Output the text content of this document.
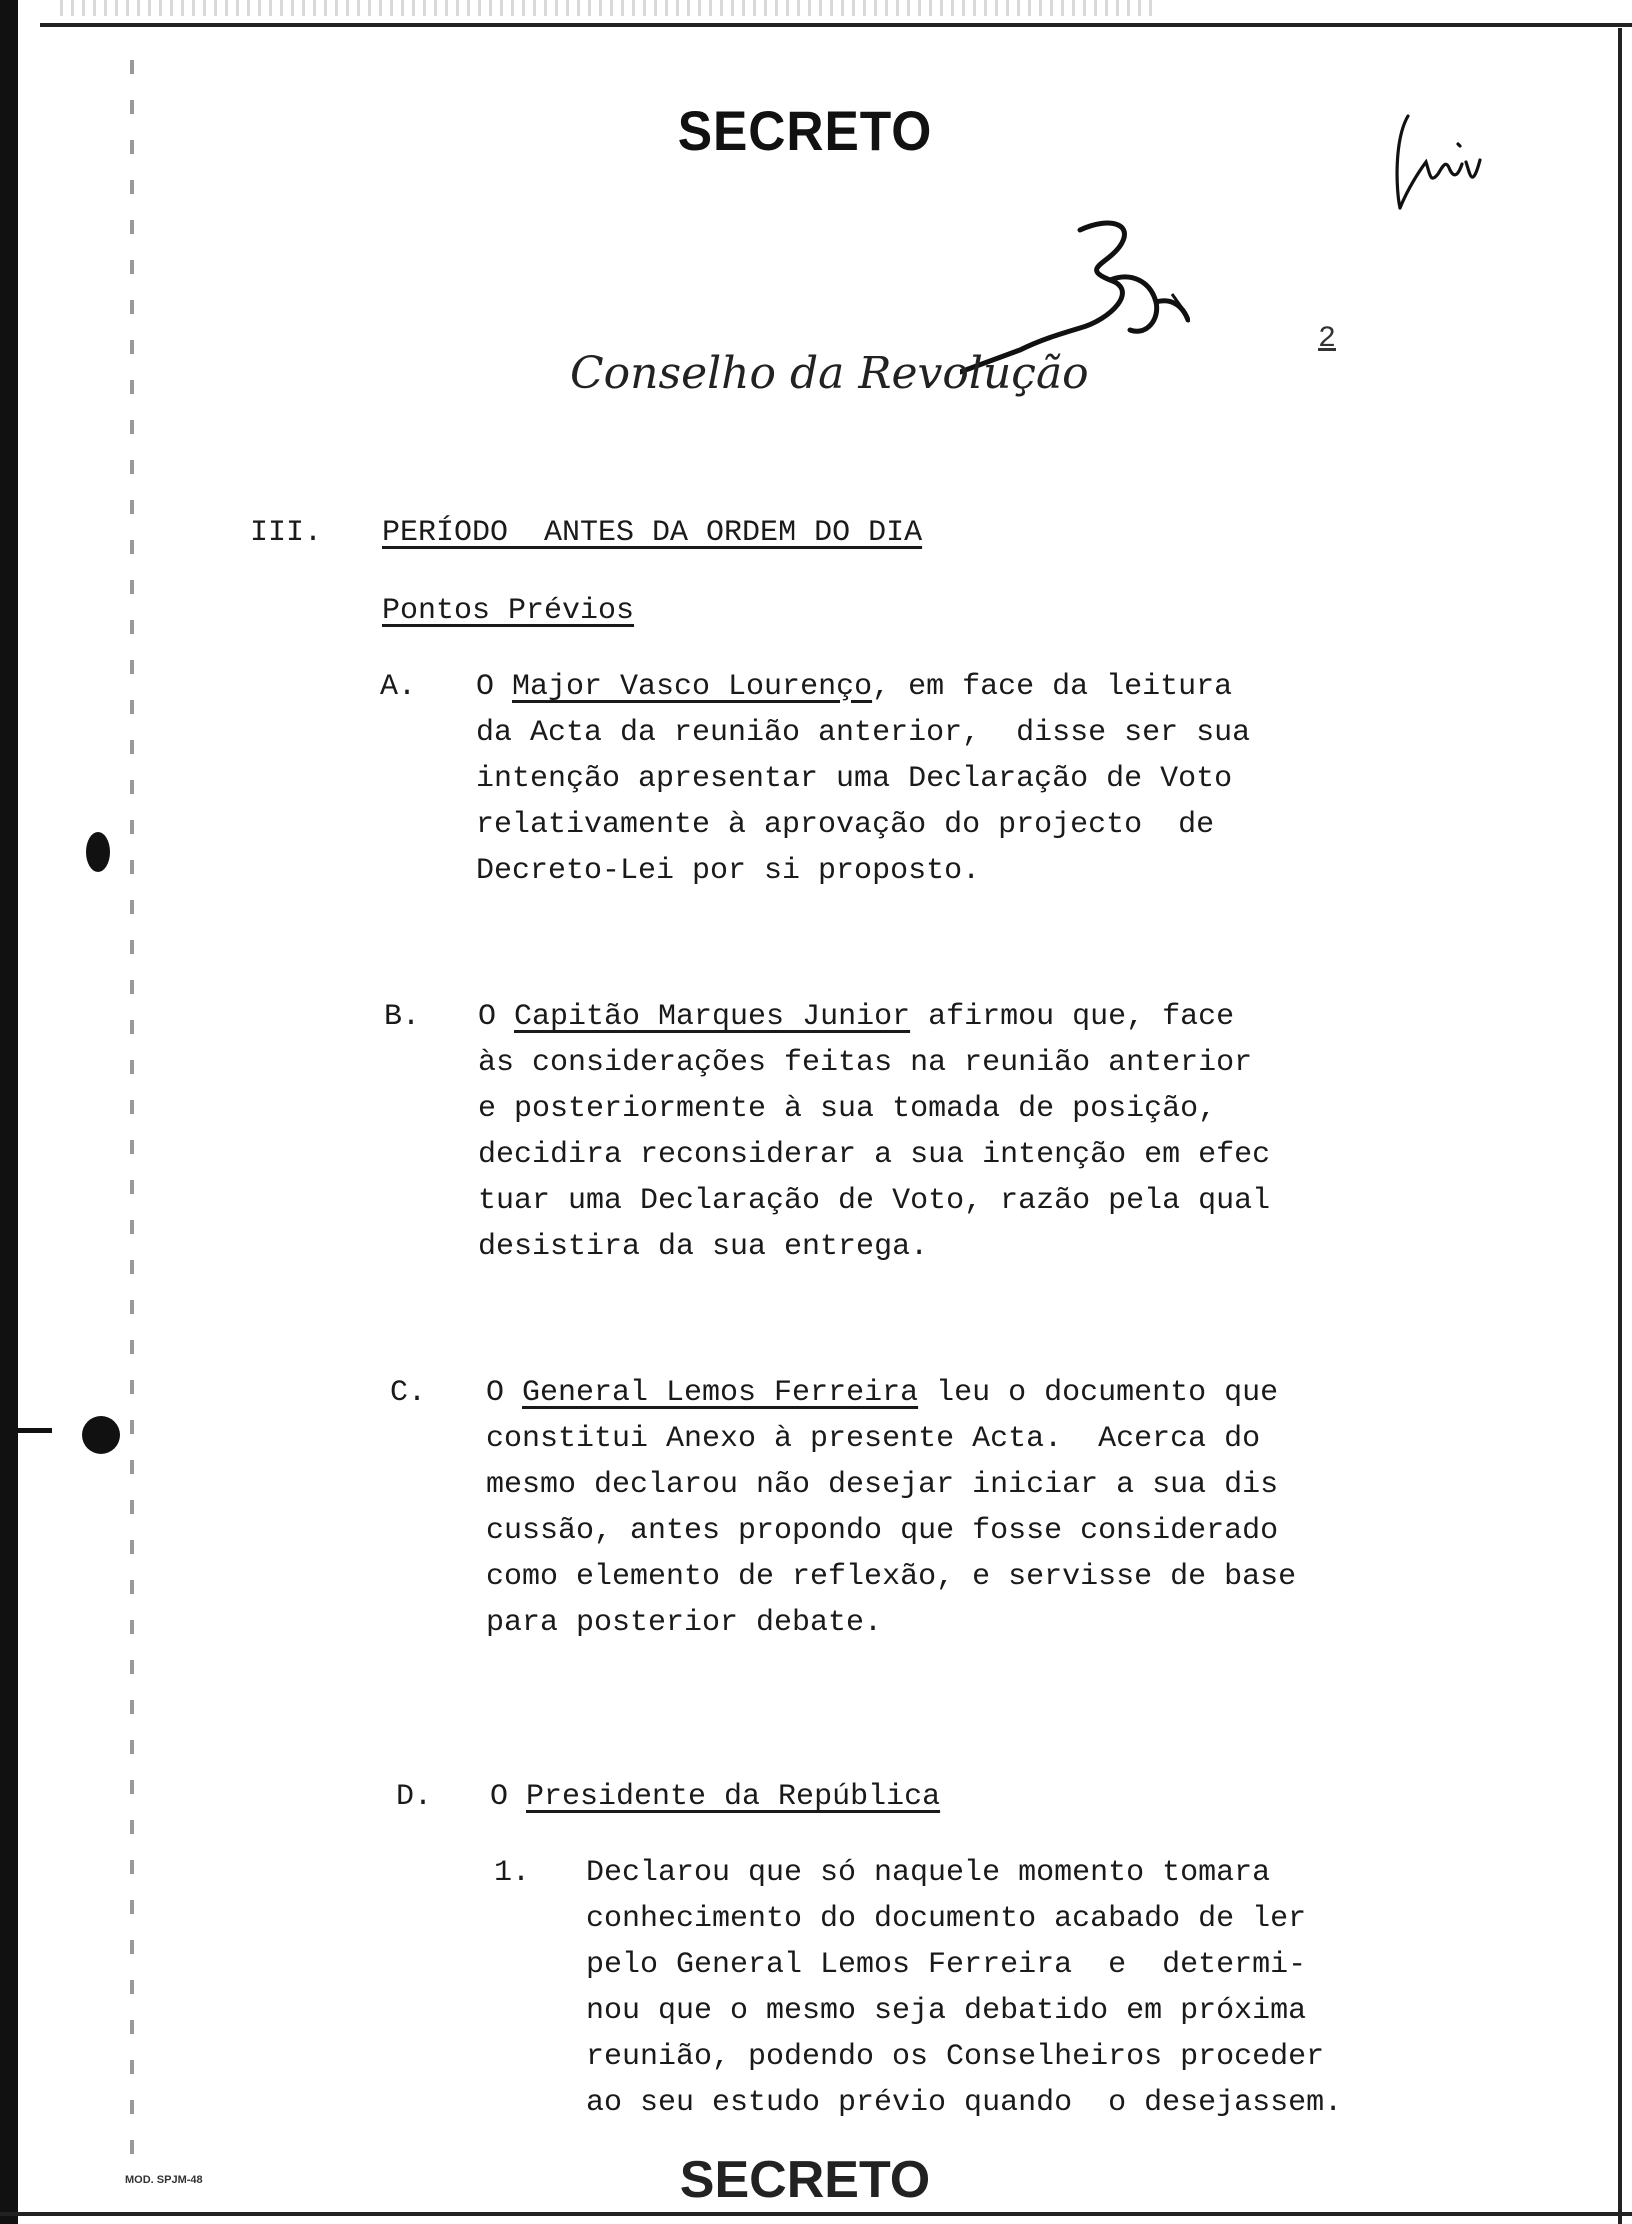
SECRETO
Conselho da Revolução
2
III. PERÍODO  ANTES DA ORDEM DO DIA
Pontos Prévios
A. O Major Vasco Lourenço, em face da leitura
da Acta da reunião anterior,  disse ser sua
intenção apresentar uma Declaração de Voto
relativamente à aprovação do projecto  de
Decreto-Lei por si proposto.
B. O Capitão Marques Junior afirmou que, face
às considerações feitas na reunião anterior
e posteriormente à sua tomada de posição,
decidira reconsiderar a sua intenção em efec
tuar uma Declaração de Voto, razão pela qual
desistira da sua entrega.
C. O General Lemos Ferreira leu o documento que
constitui Anexo à presente Acta.  Acerca do
mesmo declarou não desejar iniciar a sua dis
cussão, antes propondo que fosse considerado
como elemento de reflexão, e servisse de base
para posterior debate.
D. O Presidente da República
1. Declarou que só naquele momento tomara
conhecimento do documento acabado de ler
pelo General Lemos Ferreira  e  determi-
nou que o mesmo seja debatido em próxima
reunião, podendo os Conselheiros proceder
ao seu estudo prévio quando  o desejassem.
MOD. SPJM-48	SECRETO
